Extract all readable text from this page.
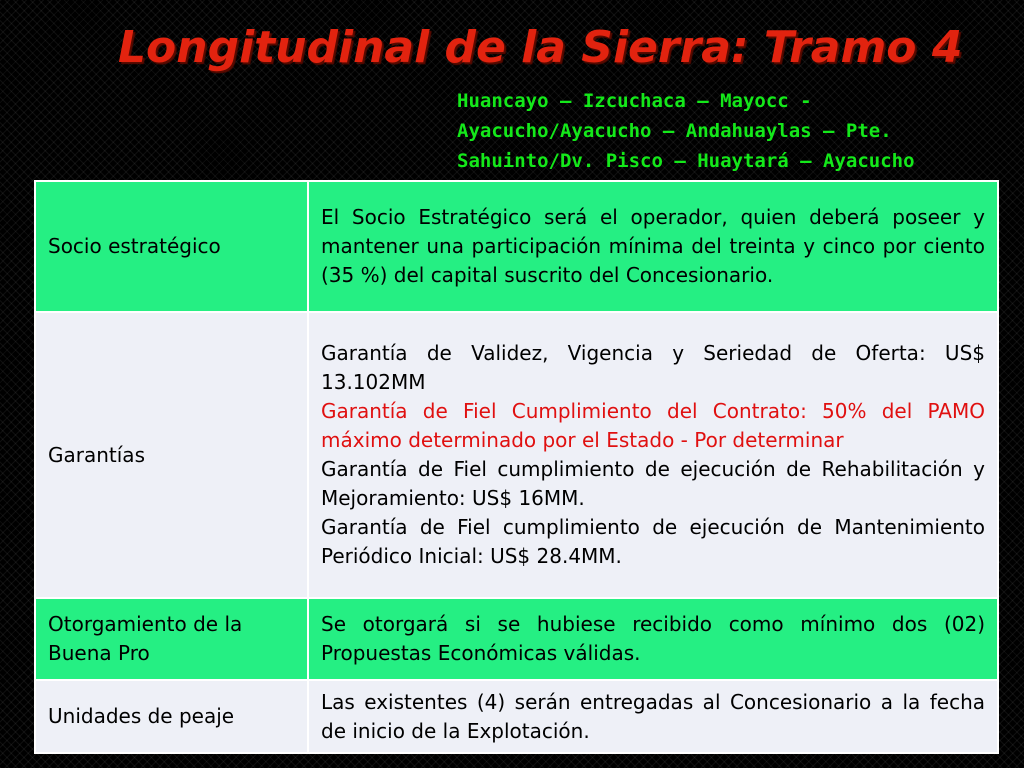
Longitudinal de la Sierra: Tramo 4
Huancayo – Izcuchaca – Mayocc -
Ayacucho/Ayacucho – Andahuaylas – Pte.
Sahuinto/Dv. Pisco – Huaytará – Ayacucho
Socio estratégico	El Socio Estratégico será el operador, quien deberá poseer y mantener una participación mínima del treinta y cinco por ciento (35 %) del capital suscrito del Concesionario.

Garantías	Garantía de Validez, Vigencia y Seriedad de Oferta: US$ 13.102MM
Garantía de Fiel Cumplimiento del Contrato: 50% del PAMO máximo determinado por el Estado - Por determinar
Garantía de Fiel cumplimiento de ejecución de Rehabilitación y Mejoramiento: US$ 16MM.
Garantía de Fiel cumplimiento de ejecución de Mantenimiento Periódico Inicial: US$ 28.4MM.

Otorgamiento de la Buena Pro	Se otorgará si se hubiese recibido como mínimo dos (02) Propuestas Económicas válidas.

Unidades de peaje	Las existentes (4) serán entregadas al Concesionario a la fecha de inicio de la Explotación.
